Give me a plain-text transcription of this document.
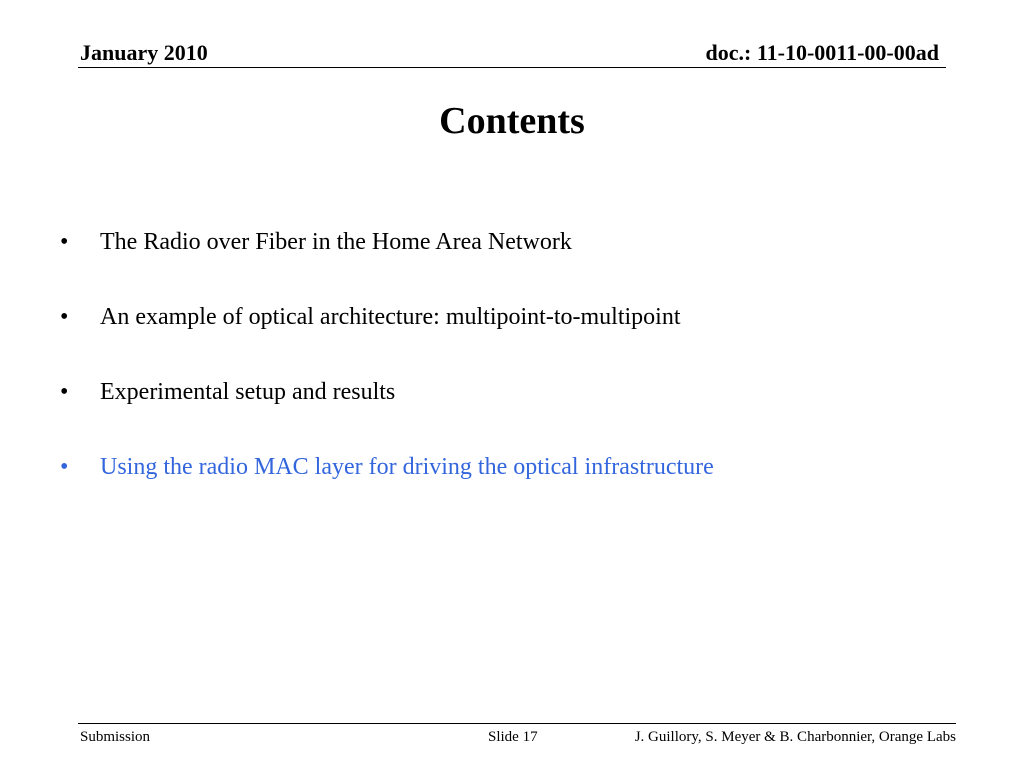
January 2010	doc.: 11-10-0011-00-00ad
Contents
•	The Radio over Fiber in the Home Area Network
•	An example of optical architecture: multipoint-to-multipoint
•	Experimental setup and results
•	Using the radio MAC layer for driving the optical infrastructure
Submission	Slide 17	J. Guillory, S. Meyer & B. Charbonnier, Orange Labs
